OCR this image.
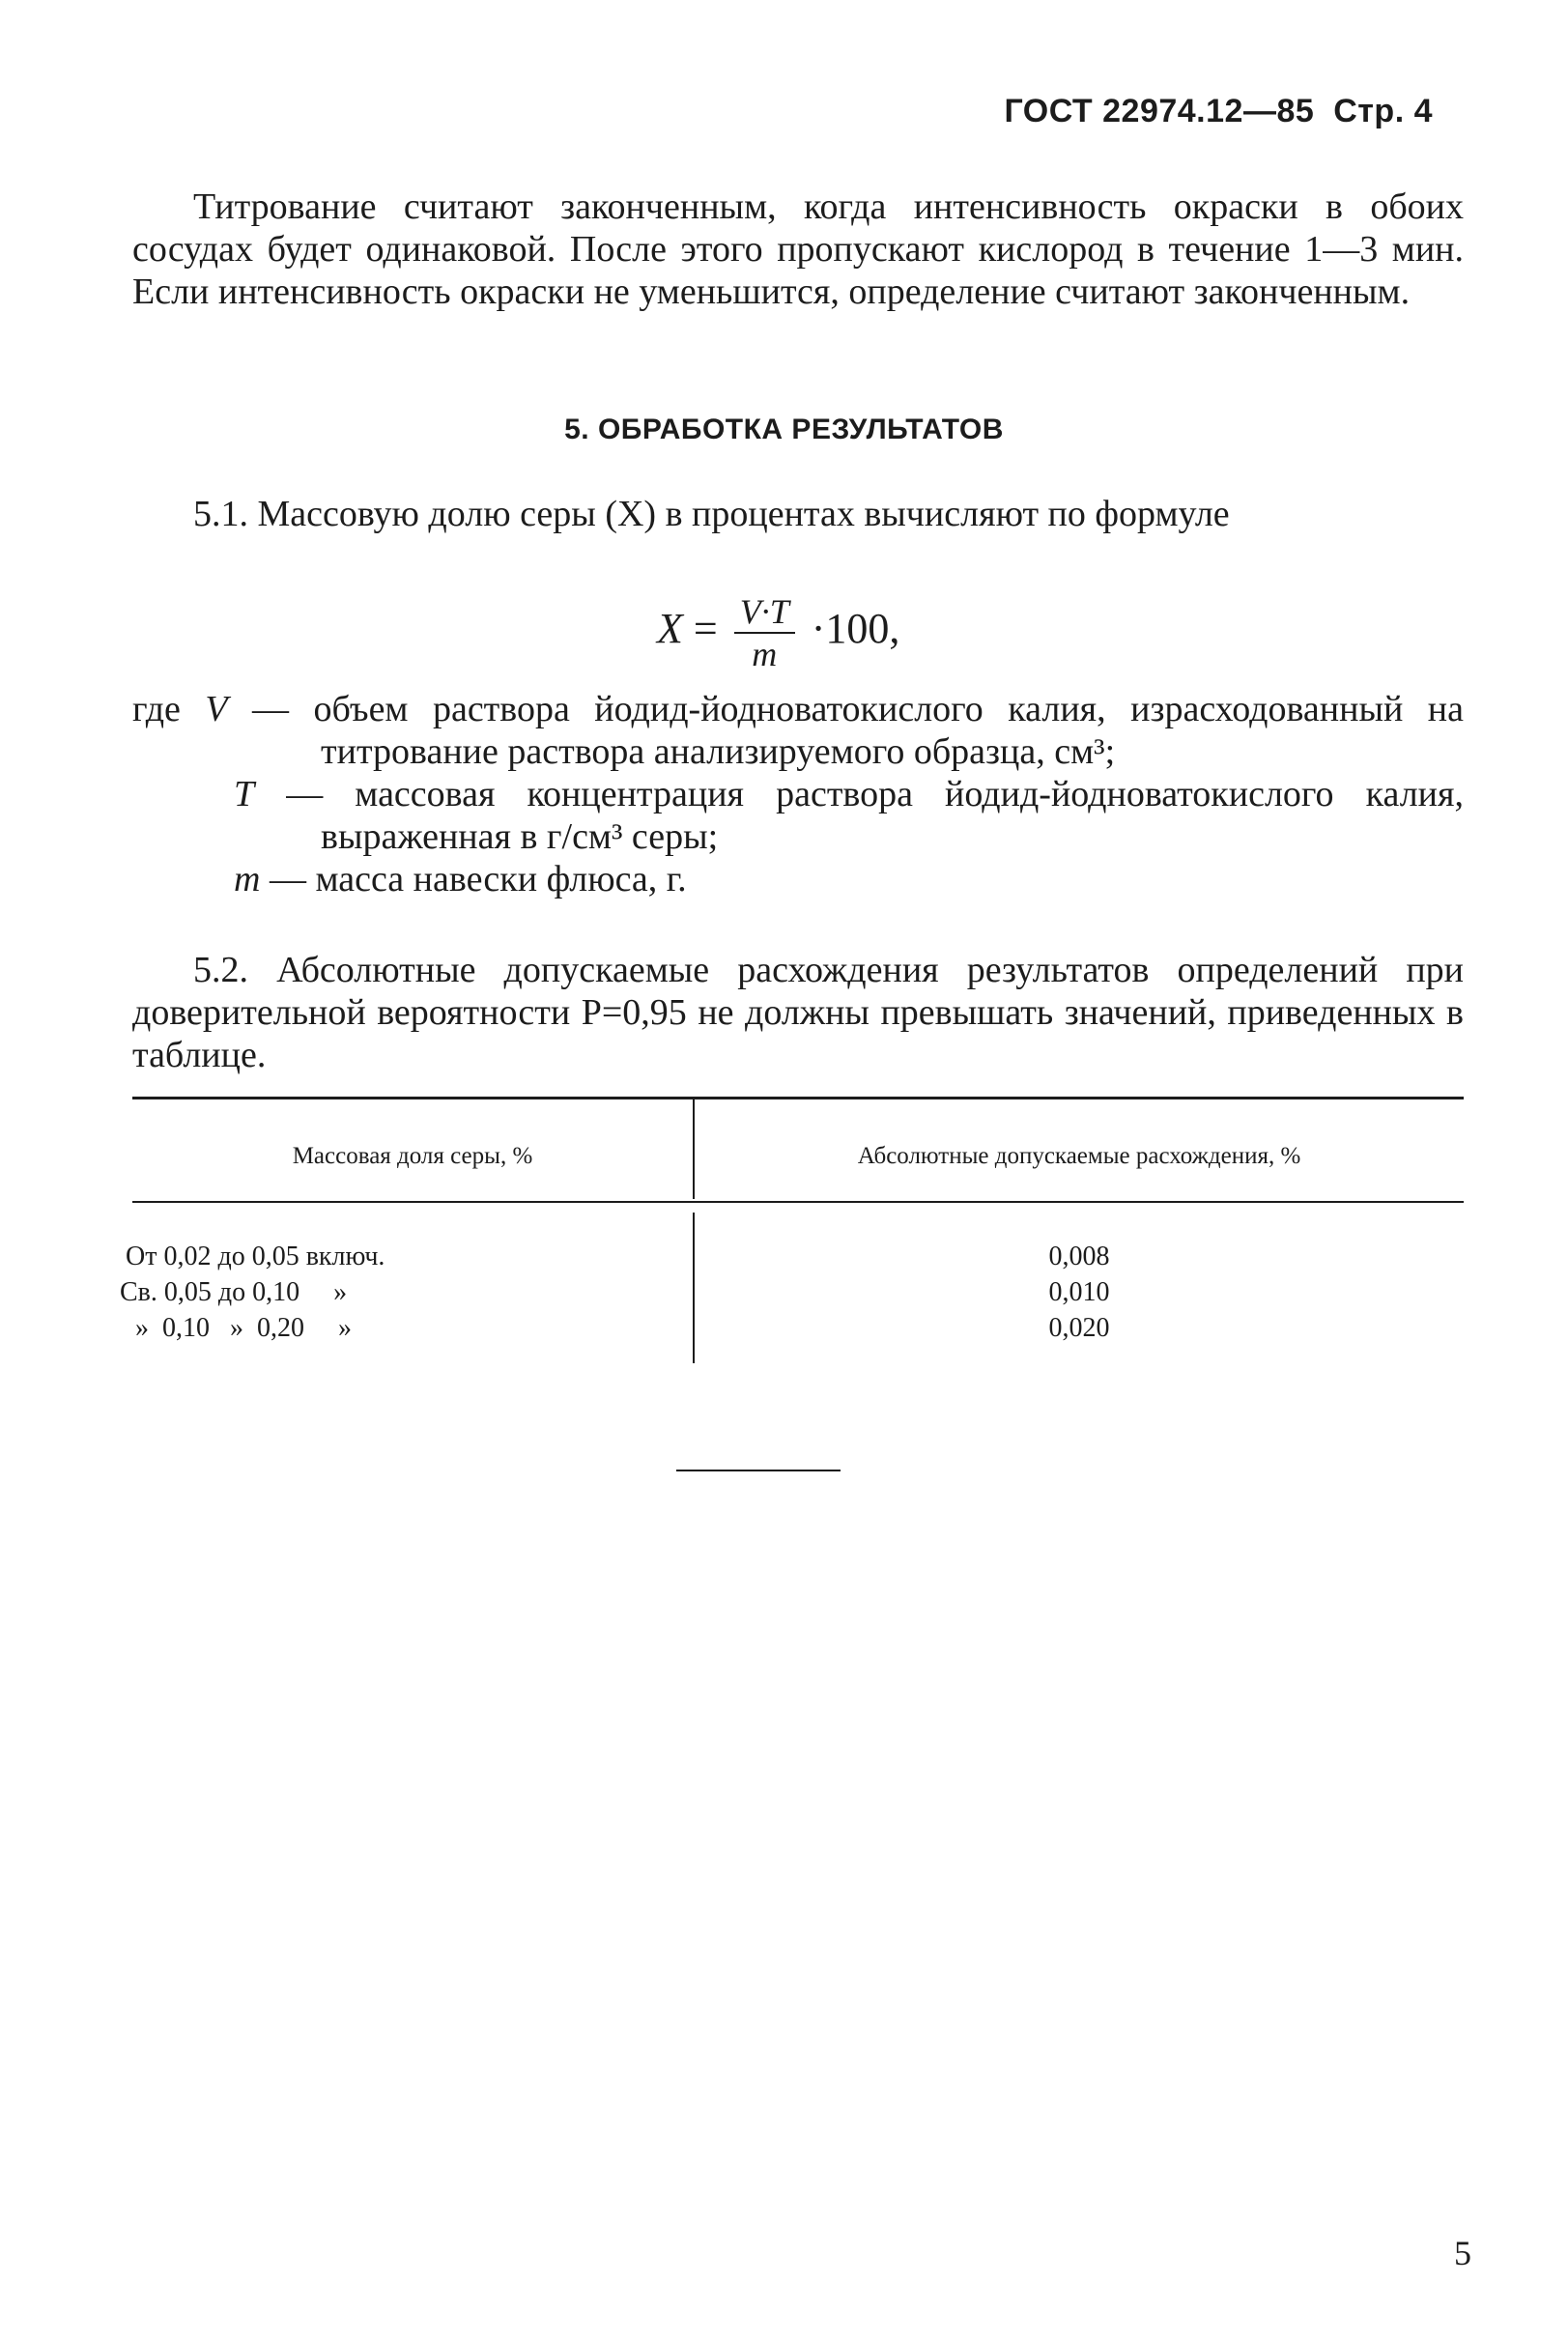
ГОСТ 22974.12—85 Стр. 4
Титрование считают законченным, когда интенсивность окраски в обоих сосудах будет одинаковой. После этого пропускают кислород в течение 1—3 мин. Если интенсивность окраски не уменьшится, определение считают законченным.
5. ОБРАБОТКА РЕЗУЛЬТАТОВ
5.1. Массовую долю серы (X) в процентах вычисляют по формуле
$X = \frac{V\cdot T}{m} \cdot 100$,
где V — объем раствора йодид-йодноватокислого калия, израсходованный на титрование раствора анализируемого образца, см³;
T — массовая концентрация раствора йодид-йодноватокислого калия, выраженная в г/см³ серы;
m — масса навески флюса, г.
5.2. Абсолютные допускаемые расхождения результатов определений при доверительной вероятности P=0,95 не должны превышать значений, приведенных в таблице.
Массовая доля серы, %	Абсолютные допускаемые расхождения, %
От 0,02 до 0,05 включ.	0,008
Св. 0,05 до 0,10     »	0,010
»  0,10   »  0,20     »	0,020
5
